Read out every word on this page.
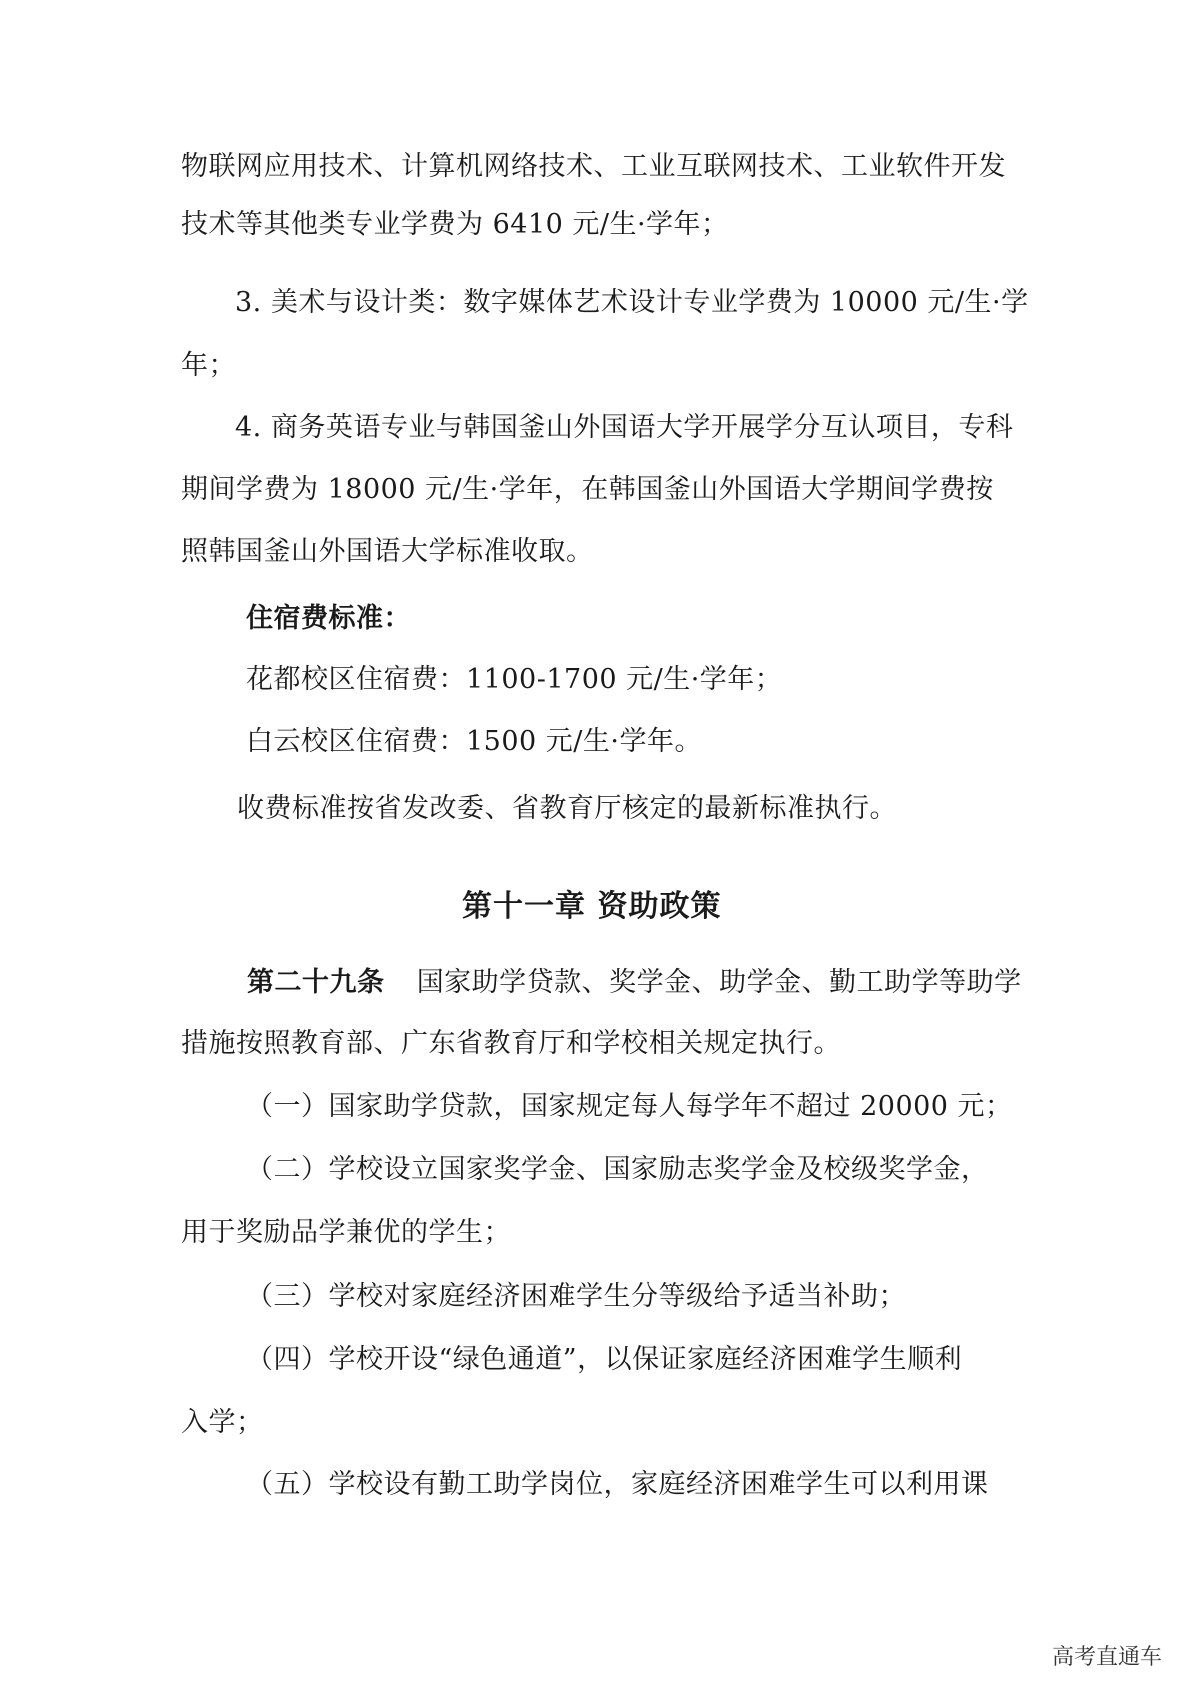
物联网应用技术、计算机网络技术、工业互联网技术、工业软件开发
技术等其他类专业学费为 6410 元/生·学年；
3. 美术与设计类：数字媒体艺术设计专业学费为 10000 元/生·学
年；
4. 商务英语专业与韩国釜山外国语大学开展学分互认项目，专科
期间学费为 18000 元/生·学年，在韩国釜山外国语大学期间学费按
照韩国釜山外国语大学标准收取。
住宿费标准：
花都校区住宿费：1100-1700 元/生·学年；
白云校区住宿费：1500 元/生·学年。
收费标准按省发改委、省教育厅核定的最新标准执行。
第十一章 资助政策
第二十九条 国家助学贷款、奖学金、助学金、勤工助学等助学
措施按照教育部、广东省教育厅和学校相关规定执行。
（一）国家助学贷款，国家规定每人每学年不超过 20000 元；
（二）学校设立国家奖学金、国家励志奖学金及校级奖学金，
用于奖励品学兼优的学生；
（三）学校对家庭经济困难学生分等级给予适当补助；
（四）学校开设“绿色通道”，以保证家庭经济困难学生顺利
入学；
（五）学校设有勤工助学岗位，家庭经济困难学生可以利用课
高考直通车
